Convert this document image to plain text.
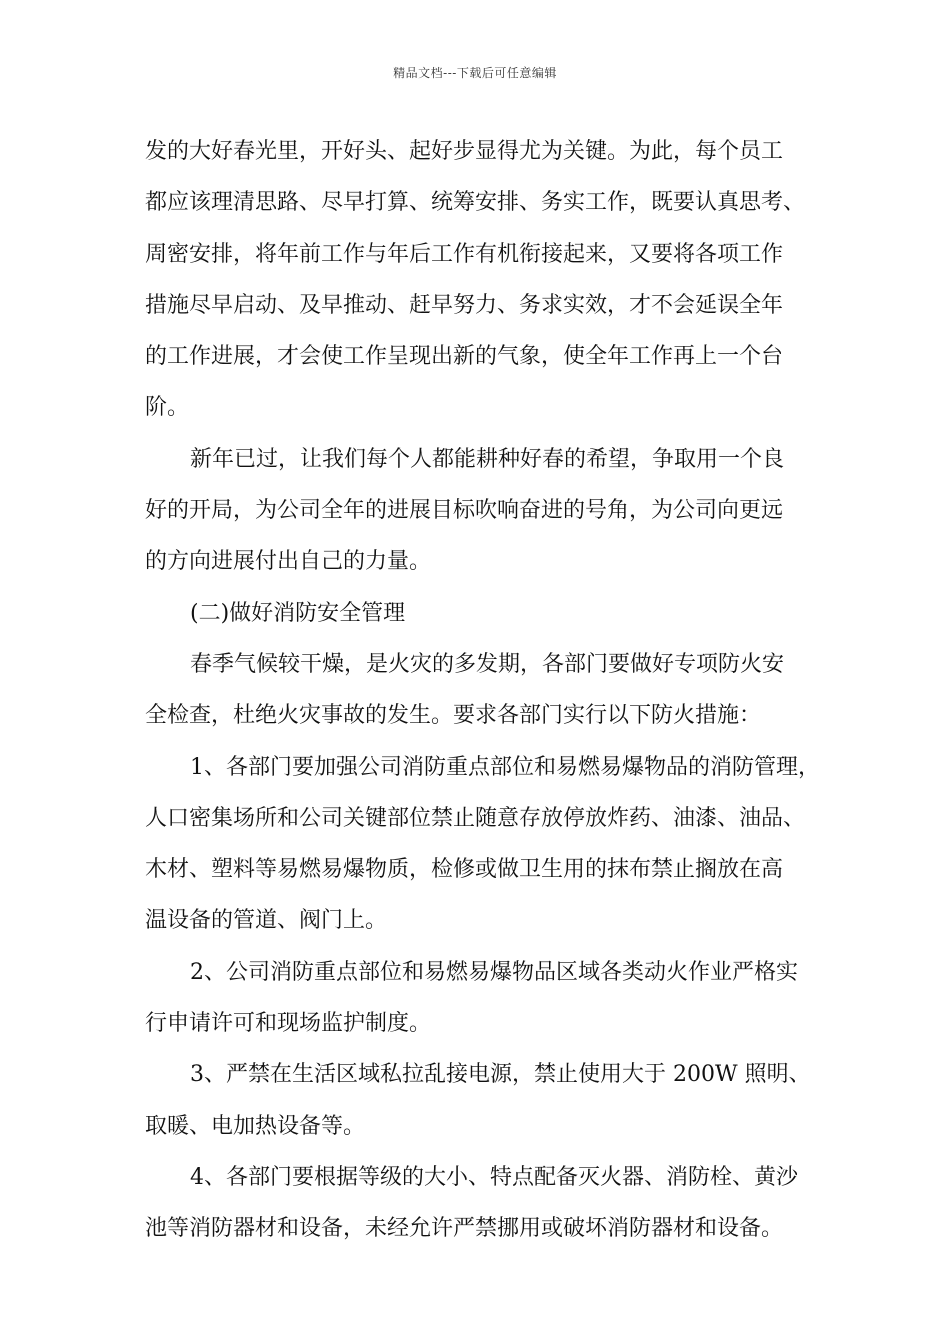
精品文档---下载后可任意编辑
发的大好春光里，开好头、起好步显得尤为关键。为此，每个员工
都应该理清思路、尽早打算、统筹安排、务实工作，既要认真思考、
周密安排，将年前工作与年后工作有机衔接起来，又要将各项工作
措施尽早启动、及早推动、赶早努力、务求实效，才不会延误全年
的工作进展，才会使工作呈现出新的气象，使全年工作再上一个台
阶。
新年已过，让我们每个人都能耕种好春的希望，争取用一个良
好的开局，为公司全年的进展目标吹响奋进的号角，为公司向更远
的方向进展付出自己的力量。
(二)做好消防安全管理
春季气候较干燥，是火灾的多发期，各部门要做好专项防火安
全检查，杜绝火灾事故的发生。要求各部门实行以下防火措施：
1、各部门要加强公司消防重点部位和易燃易爆物品的消防管理，
人口密集场所和公司关键部位禁止随意存放停放炸药、油漆、油品、
木材、塑料等易燃易爆物质，检修或做卫生用的抹布禁止搁放在高
温设备的管道、阀门上。
2、公司消防重点部位和易燃易爆物品区域各类动火作业严格实
行申请许可和现场监护制度。
3、严禁在生活区域私拉乱接电源，禁止使用大于 200W 照明、
取暖、电加热设备等。
4、各部门要根据等级的大小、特点配备灭火器、消防栓、黄沙
池等消防器材和设备，未经允许严禁挪用或破坏消防器材和设备。
